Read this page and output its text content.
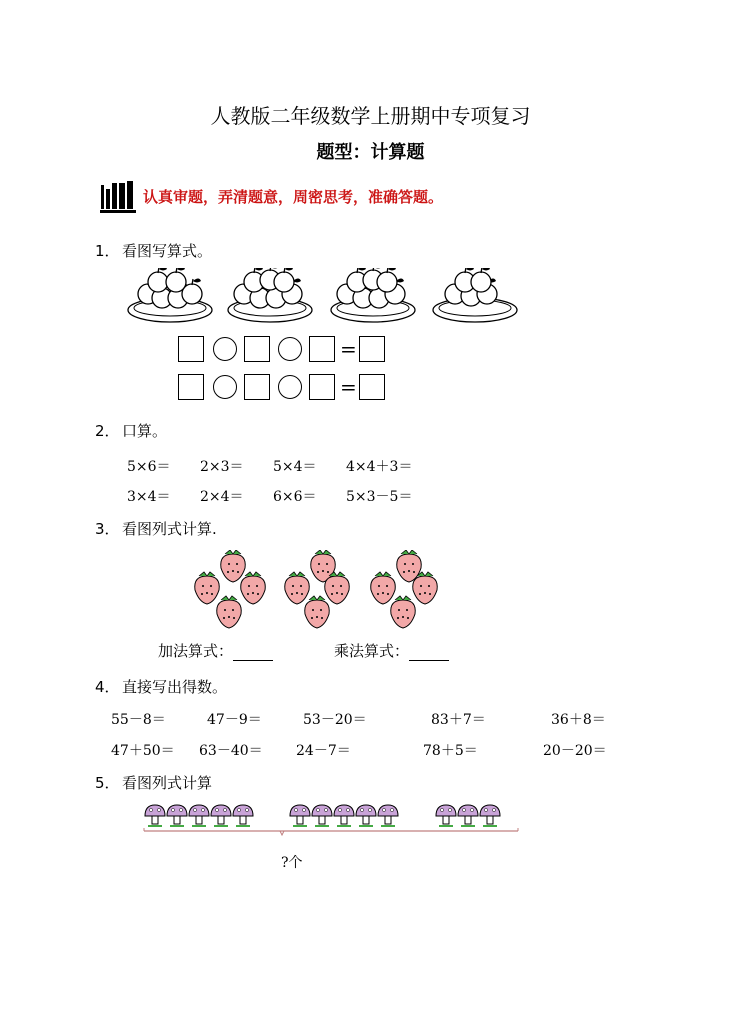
人教版二年级数学上册期中专项复习
题型：计算题
认真审题，弄清题意，周密思考，准确答题。
1． 看图写算式。
=
=
2． 口算。
5×6＝ 2×3＝ 5×4＝ 4×4＋3＝
3×4＝ 2×4＝ 6×6＝ 5×3－5＝
3． 看图列式计算.
加法算式：	乘法算式：
4． 直接写出得数。
55－8＝	47－9＝	53－20＝	83＋7＝	36＋8＝
47＋50＝ 63－40＝ 24－7＝	78＋5＝	20－20＝
5． 看图列式计算
?个
